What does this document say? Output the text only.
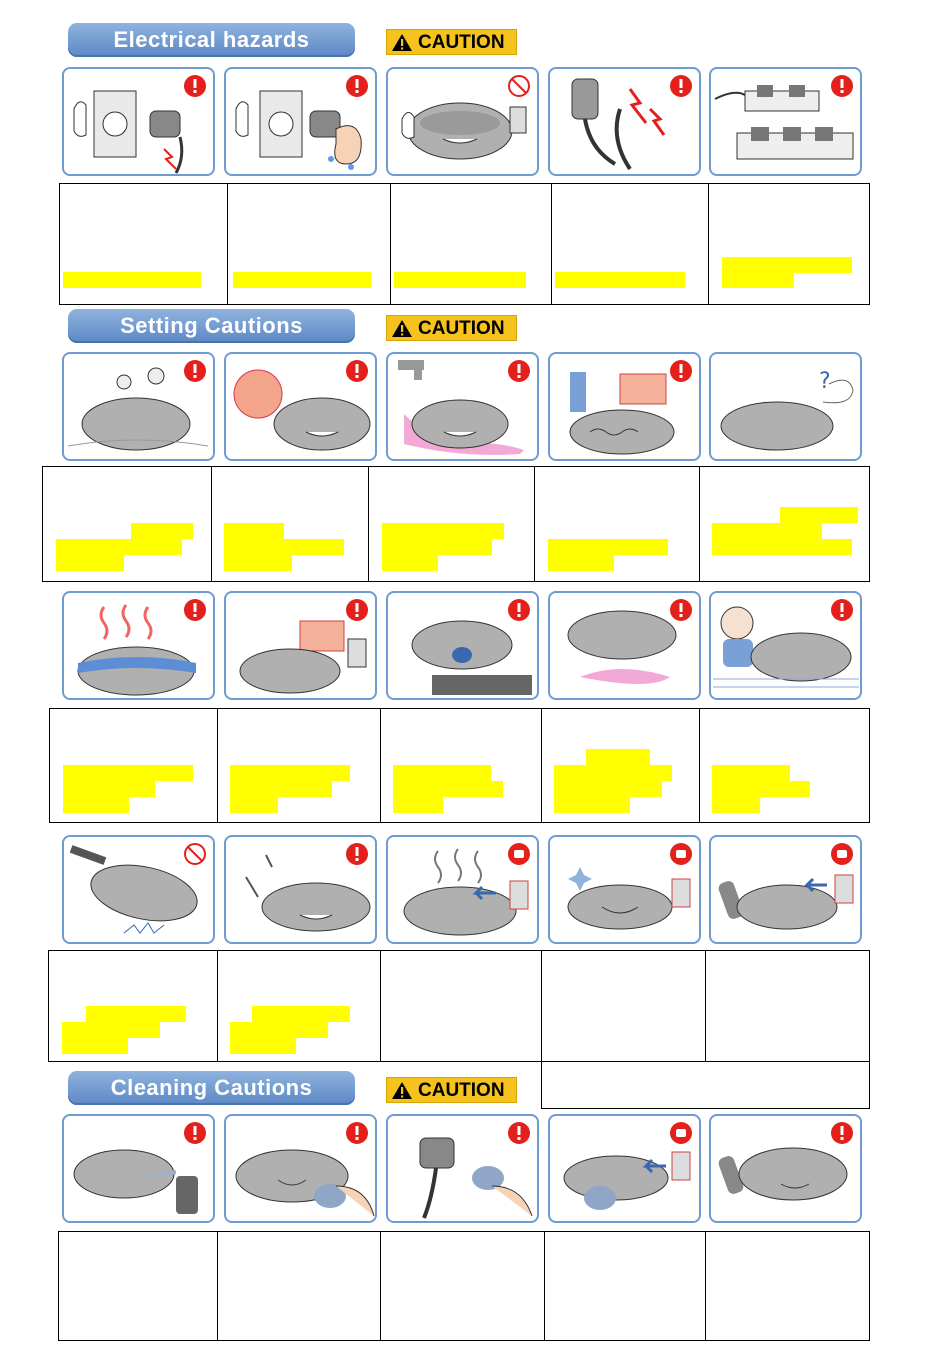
Electrical hazards	CAUTION
Setting Cautions	CAUTION
?
Cleaning Cautions	CAUTION
